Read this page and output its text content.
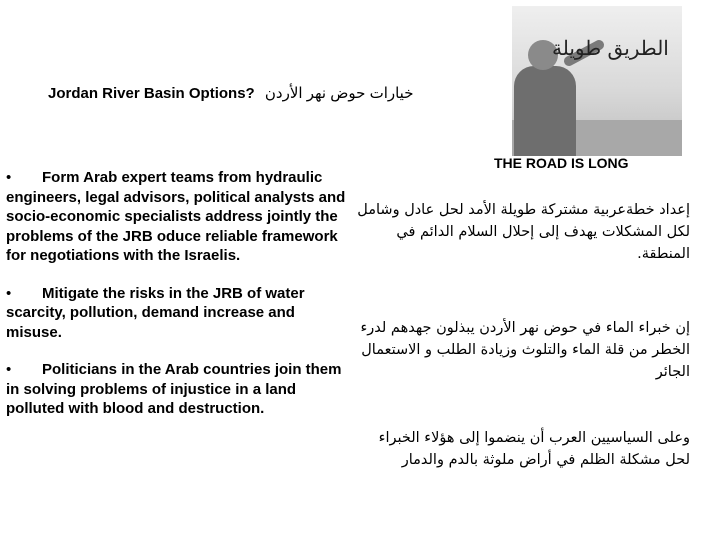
Jordan River Basin Options? خيارات حوض نهر الأردن
الطريق طويلة
THE ROAD IS LONG
• Form Arab expert teams from hydraulic engineers, legal advisors, political analysts and socio-economic specialists address jointly the problems of the JRB oduce reliable framework for negotiations with the Israelis.
• Mitigate the risks in the JRB of water scarcity, pollution, demand increase and misuse.
• Politicians in the Arab countries join them in solving problems of injustice in a land polluted with blood and destruction.
إعداد خطةعربية مشتركة طويلة الأمد لحل عادل وشامل لكل المشكلات يهدف إلى إحلال السلام الدائم في المنطقة.
إن خبراء الماء في حوض نهر الأردن يبذلون جهدهم لدرء الخطر من قلة الماء والتلوث وزيادة الطلب و الاستعمال الجائر
وعلى السياسيين العرب أن ينضموا إلى هؤلاء الخبراء لحل مشكلة الظلم في أراض ملوثة بالدم والدمار
